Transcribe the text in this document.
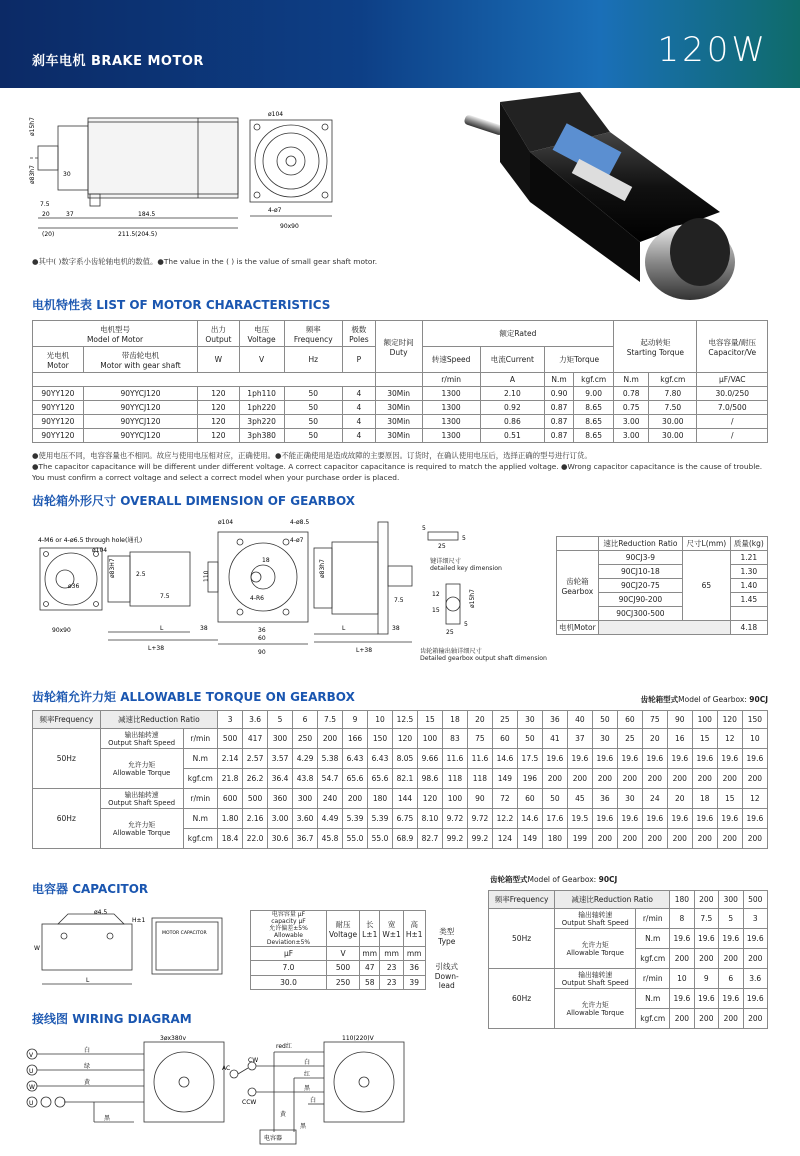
刹车电机 BRAKE MOTOR	120W
ø15h7
ø83h7	30
7.5
37
20	184.5
211.5(204.5)
(20)
ø104
90x90
4-ø7
●其中( )数字系小齿轮轴电机的数值。●The value in the ( ) is the value of small gear shaft motor.
电机特性表 LIST OF MOTOR CHARACTERISTICS
电机型号
Model of Motor		出力
Output	电压
Voltage	频率
Frequency	极数
Poles	额定时间
Duty	额定Rated				起动转矩
Starting Torque		电容容量/耐压
Capacitor/Ve
光电机
Motor	带齿轮电机
Motor with gear shaft	W	V	Hz	P		转速Speed	电流Current	力矩Torque				
							r/min	A	N.m	kgf.cm	N.m	kgf.cm	μF/VAC
90YY120	90YYCJ120	120	1ph110	50	4	30Min	1300	2.10	0.90	9.00	0.78	7.80	30.0/250
90YY120	90YYCJ120	120	1ph220	50	4	30Min	1300	0.92	0.87	8.65	0.75	7.50	7.0/500
90YY120	90YYCJ120	120	3ph220	50	4	30Min	1300	0.86	0.87	8.65	3.00	30.00	/
90YY120	90YYCJ120	120	3ph380	50	4	30Min	1300	0.51	0.87	8.65	3.00	30.00	/
●使用电压不同，电容容量也不相同。故应与使用电压相对应，正确使用。●不能正确使用是造成故障的主要原因。订货时，在确认使用电压后，选择正确的型号进行订货。
●The capacitor capacitance will be different under different voltage. A correct capacitor capacitance is required to match the applied voltage. ●Wrong capacitor capacitance is the cause of trouble.
You must confirm a correct voltage and select a correct model when your purchase order is placed.
齿轮箱外形尺寸 OVERALL DIMENSION OF GEARBOX
4-M6 or 4-ø6.5 through hole(通孔)
ø104	4-ø8.5
4-ø7
90x90
ø36
ø104
ø83H7	2.5
7.5
L	38
L+38
18
4-R6
110
36
60
90
ø83h7
7.5
38
L
L+38
5
25
5
ø15h7
12
15
25
5
键详细尺寸
detailed key dimension
齿轮箱输出轴详细尺寸
Detailed gearbox output shaft dimension
	速比Reduction Ratio	尺寸L(mm)	质量(kg)
齿轮箱
Gearbox	90CJ3-9	65	1.21
	90CJ10-18		1.30
	90CJ20-75		1.40
	90CJ90-200		1.45
	90CJ300-500		
电机Motor			4.18
齿轮箱允许力矩 ALLOWABLE TORQUE ON GEARBOX	齿轮箱型式Model of Gearbox: 90CJ
频率Frequency	减速比Reduction Ratio		3	3.6	5	6	7.5	9	10	12.5	15	18	20	25	30	36	40	50	60	75	90	100	120	150
50Hz	输出轴转速
Output Shaft Speed	r/min	500	417	300	250	200	166	150	120	100	83	75	60	50	41	37	30	25	20	16	15	12	10
	允许力矩
Allowable Torque	N.m	2.14	2.57	3.57	4.29	5.38	6.43	6.43	8.05	9.66	11.6	11.6	14.6	17.5	19.6	19.6	19.6	19.6	19.6	19.6	19.6	19.6	19.6
		kgf.cm	21.8	26.2	36.4	43.8	54.7	65.6	65.6	82.1	98.6	118	118	149	196	200	200	200	200	200	200	200	200	200
60Hz	输出轴转速
Output Shaft Speed	r/min	600	500	360	300	240	200	180	144	120	100	90	72	60	50	45	36	30	24	20	18	15	12
	允许力矩
Allowable Torque	N.m	1.80	2.16	3.00	3.60	4.49	5.39	5.39	6.75	8.10	9.72	9.72	12.2	14.6	17.6	19.5	19.6	19.6	19.6	19.6	19.6	19.6	19.6
		kgf.cm	18.4	22.0	30.6	36.7	45.8	55.0	55.0	68.9	82.7	99.2	99.2	124	149	180	199	200	200	200	200	200	200	200
电容器 CAPACITOR
ø4.5
H±1
W
L
MOTOR CAPACITOR
电容容量 μF
capacity μF
允许偏差±5%
Allowable Deviation±5%	耐压
Voltage	长
L±1	宽
W±1	高
H±1	类型
Type
μF	V	mm	mm	mm	
7.0	500	47	23	36	引线式
Down-lead
30.0	250	58	23	39	
齿轮箱型式Model of Gearbox: 90CJ
频率Frequency	减速比Reduction Ratio		180	200	300	500
50Hz	输出轴转速
Output Shaft Speed	r/min	8	7.5	5	3
	允许力矩
Allowable Torque	N.m	19.6	19.6	19.6	19.6
		kgf.cm	200	200	200	200
60Hz	输出轴转速
Output Shaft Speed	r/min	10	9	6	3.6
	允许力矩
Allowable Torque	N.m	19.6	19.6	19.6	19.6
		kgf.cm	200	200	200	200
接线图 WIRING DIAGRAM
V
U
W
U
白
绿
黄
黑
3øx380v	110(220)V
red红
AC
CW
CCW
白
红
黑
白
黄
黑
电容器
